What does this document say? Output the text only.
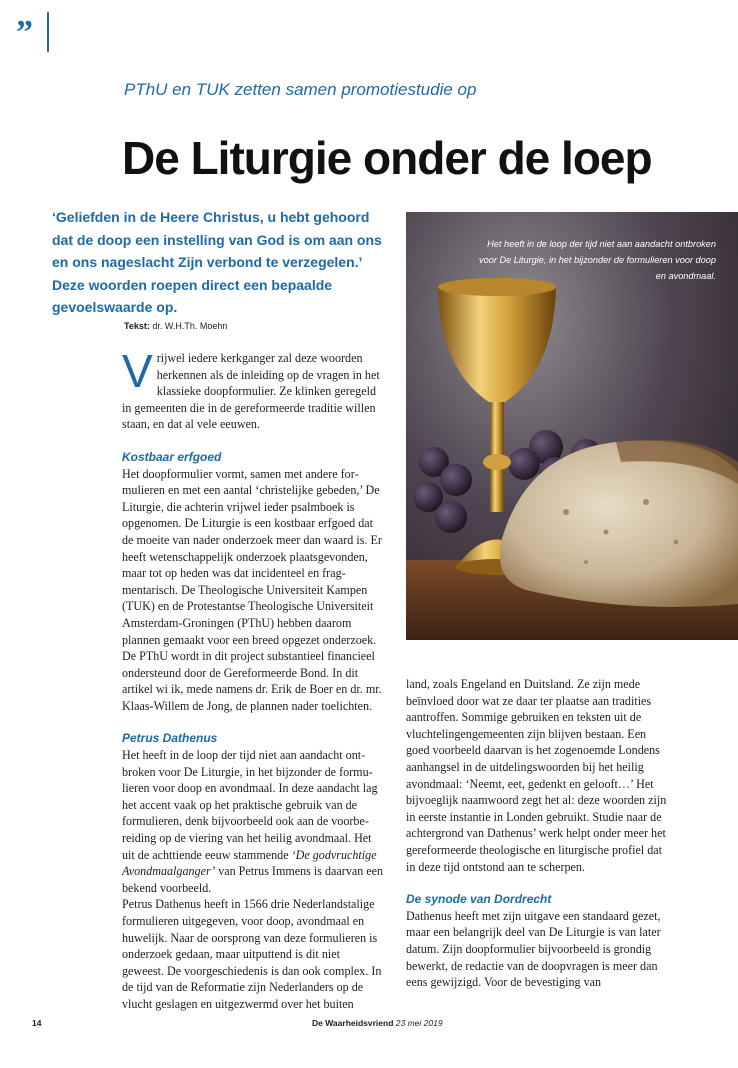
”
PThU en TUK zetten samen promotiestudie op
De Liturgie onder de loep

‘Geliefden in de Heere Christus, u hebt gehoord dat de doop een instelling van God is om aan ons en ons nageslacht Zijn verbond te verzegelen.’ Deze woorden roepen direct een bepaalde gevoelswaarde op.

Tekst: dr. W.H.Th. Moehn

Vrijwel iedere kerkganger zal deze woorden herkennen als de inleiding op de vragen in het klassieke doopformulier. Ze klinken geregeld in gemeenten die in de gereformeerde traditie willen staan, en dat al vele eeuwen.

Kostbaar erfgoed

Het doopformulier vormt, samen met andere formulieren en met een aantal ‘christelijke gebeden,’ De Liturgie, die achterin vrijwel ieder psalmboek is opgenomen. De Liturgie is een kostbaar erfgoed dat de moeite van nader onderzoek meer dan waard is. Er heeft wetenschappelijk onderzoek plaatsgevonden, maar tot op heden was dat incidenteel en fragmentarisch. De Theologische Universiteit Kampen (TUK) en de Protestantse Theologische Universiteit Amsterdam-Groningen (PThU) hebben daarom plannen gemaakt voor een breed opgezet onderzoek. De PThU wordt in dit project substantieel financieel ondersteund door de Gereformeerde Bond. In dit artikel wi ik, mede namens dr. Erik de Boer en dr. mr. Klaas-Willem de Jong, de plannen nader toelichten.

Petrus Dathenus

Het heeft in de loop der tijd niet aan aandacht ontbroken voor De Liturgie, in het bijzonder de formulieren voor doop en avondmaal. In deze aandacht lag het accent vaak op het praktische gebruik van de formulieren, denk bijvoorbeeld ook aan de voorbereiding op de viering van het heilig avondmaal. Het uit de achttiende eeuw stammende ‘De godvruchtige Avondmaalganger’ van Petrus Immens is daarvan een bekend voorbeeld.

Petrus Dathenus heeft in 1566 drie Nederlandstalige formulieren uitgegeven, voor doop, avondmaal en huwelijk. Naar de oorsprong van deze formulieren is onderzoek gedaan, maar uitputtend is dit niet geweest. De voorgeschiedenis is dan ook complex. In de tijd van de Reformatie zijn Nederlanders op de vlucht geslagen en uitgezwermd over het buiten

Het heeft in de loop der tijd niet aan aandacht ontbroken voor De Liturgie, in het bijzonder de formulieren voor doop en avondmaal.

land, zoals Engeland en Duitsland. Ze zijn mede beïnvloed door wat ze daar ter plaatse aan tradities aantroffen. Sommige gebruiken en teksten uit de vluchtelingengemeenten zijn blijven bestaan. Een goed voorbeeld daarvan is het zogenoemde Londens aanhangsel in de uitdelingswoorden bij het heilig avondmaal: ‘Neemt, eet, gedenkt en gelooft…’ Het bijvoeglijk naamwoord zegt het al: deze woorden zijn in eerste instantie in Londen gebruikt. Studie naar de achtergrond van Dathenus’ werk helpt onder meer het gereformeerde theologische en liturgische profiel dat in deze tijd ontstond aan te scherpen.

De synode van Dordrecht

Dathenus heeft met zijn uitgave een standaard gezet, maar een belangrijk deel van De Liturgie is van later datum. Zijn doopformulier bijvoorbeeld is grondig bewerkt, de redactie van de doopvragen is meer dan eens gewijzigd. Voor de bevestiging van

14	De Waarheidsvriend 23 mei 2019
